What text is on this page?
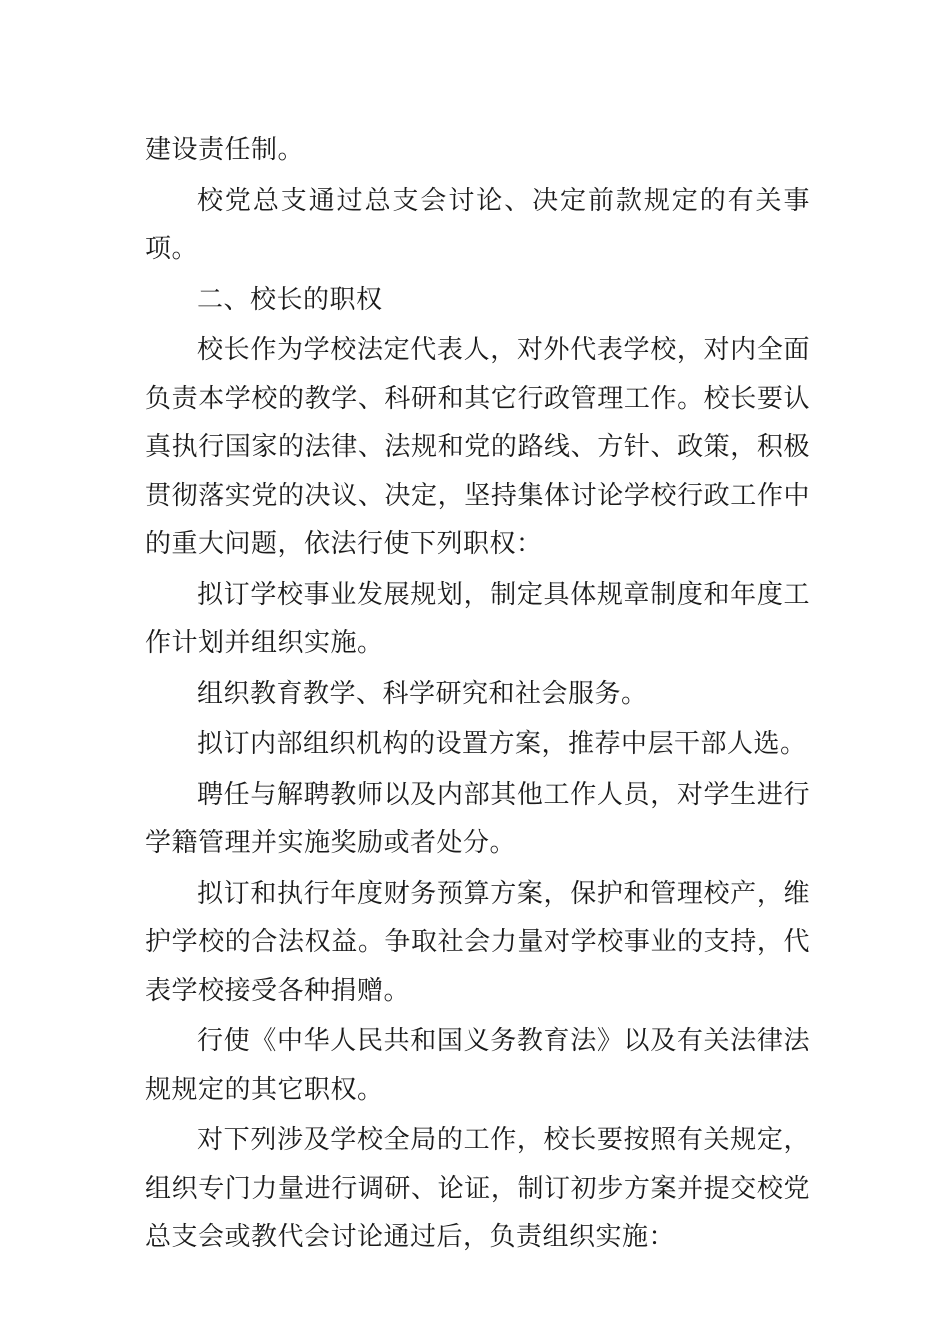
建设责任制。

校党总支通过总支会讨论、决定前款规定的有关事项。

二、校长的职权

校长作为学校法定代表人，对外代表学校，对内全面负责本学校的教学、科研和其它行政管理工作。校长要认真执行国家的法律、法规和党的路线、方针、政策，积极贯彻落实党的决议、决定，坚持集体讨论学校行政工作中的重大问题，依法行使下列职权：

拟订学校事业发展规划，制定具体规章制度和年度工作计划并组织实施。

组织教育教学、科学研究和社会服务。

拟订内部组织机构的设置方案，推荐中层干部人选。

聘任与解聘教师以及内部其他工作人员，对学生进行学籍管理并实施奖励或者处分。

拟订和执行年度财务预算方案，保护和管理校产，维护学校的合法权益。争取社会力量对学校事业的支持，代表学校接受各种捐赠。

行使《中华人民共和国义务教育法》以及有关法律法规规定的其它职权。

对下列涉及学校全局的工作，校长要按照有关规定，组织专门力量进行调研、论证，制订初步方案并提交校党总支会或教代会讨论通过后，负责组织实施：
